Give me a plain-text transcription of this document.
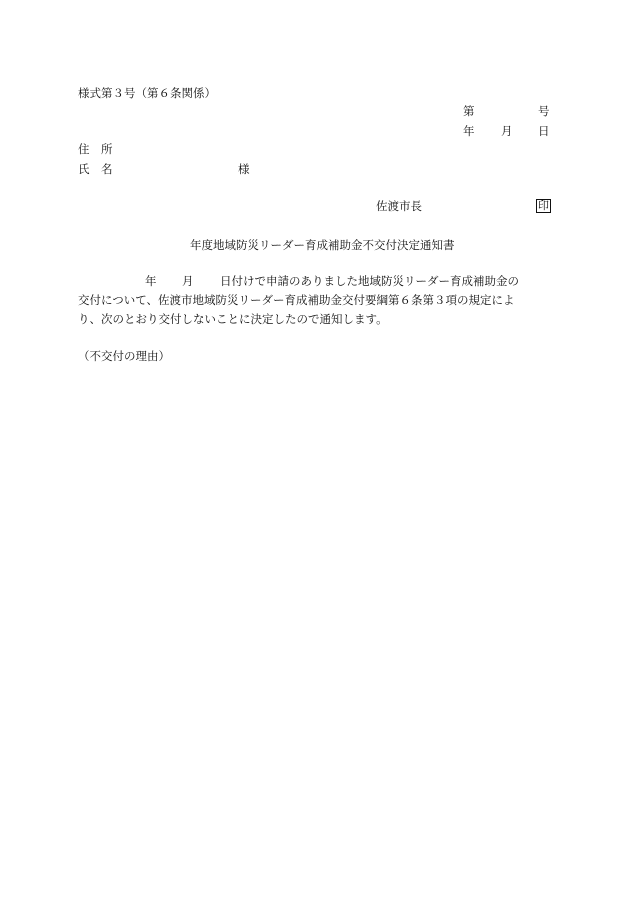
様式第３号（第６条関係）
第	号
年 月 日
住　所
氏　名	様
佐渡市長	印
年度地域防災リーダー育成補助金不交付決定通知書
年 月 日付けで申請のありました地域防災リーダー育成補助金の
交付について、佐渡市地域防災リーダー育成補助金交付要綱第６条第３項の規定によ
り、次のとおり交付しないことに決定したので通知します。
（不交付の理由）
